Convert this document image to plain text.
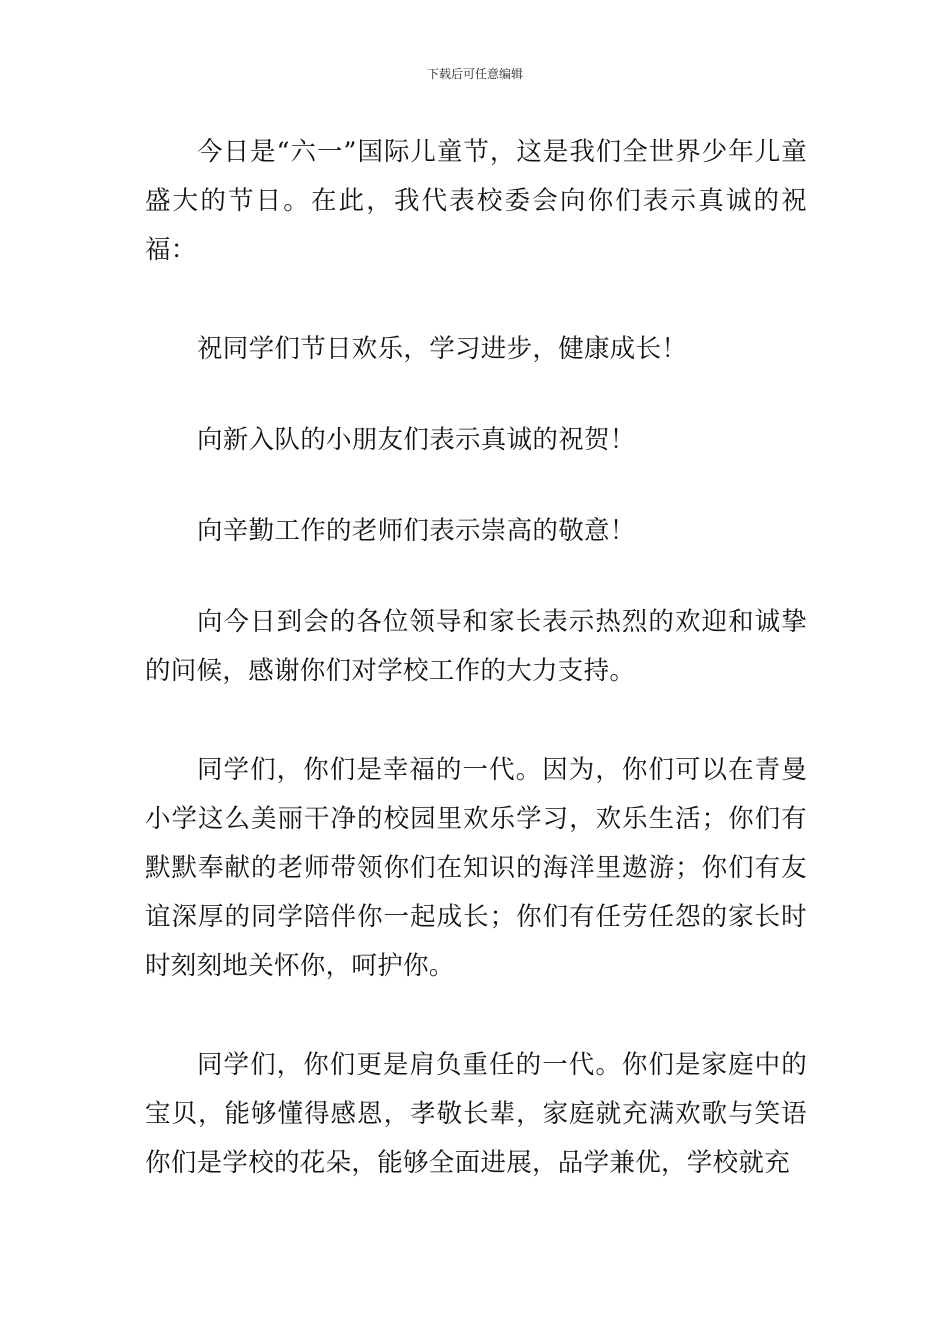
下载后可任意编辑

今日是“六一”国际儿童节，这是我们全世界少年儿童盛大的节日。在此，我代表校委会向你们表示真诚的祝福：

祝同学们节日欢乐，学习进步，健康成长！

向新入队的小朋友们表示真诚的祝贺！

向辛勤工作的老师们表示崇高的敬意！

向今日到会的各位领导和家长表示热烈的欢迎和诚挚的问候，感谢你们对学校工作的大力支持。

同学们，你们是幸福的一代。因为，你们可以在青曼小学这么美丽干净的校园里欢乐学习，欢乐生活；你们有默默奉献的老师带领你们在知识的海洋里遨游；你们有友谊深厚的同学陪伴你一起成长；你们有任劳任怨的家长时时刻刻地关怀你，呵护你。

同学们，你们更是肩负重任的一代。你们是家庭中的宝贝，能够懂得感恩，孝敬长辈，家庭就充满欢歌与笑语你们是学校的花朵，能够全面进展，品学兼优，学校就充
